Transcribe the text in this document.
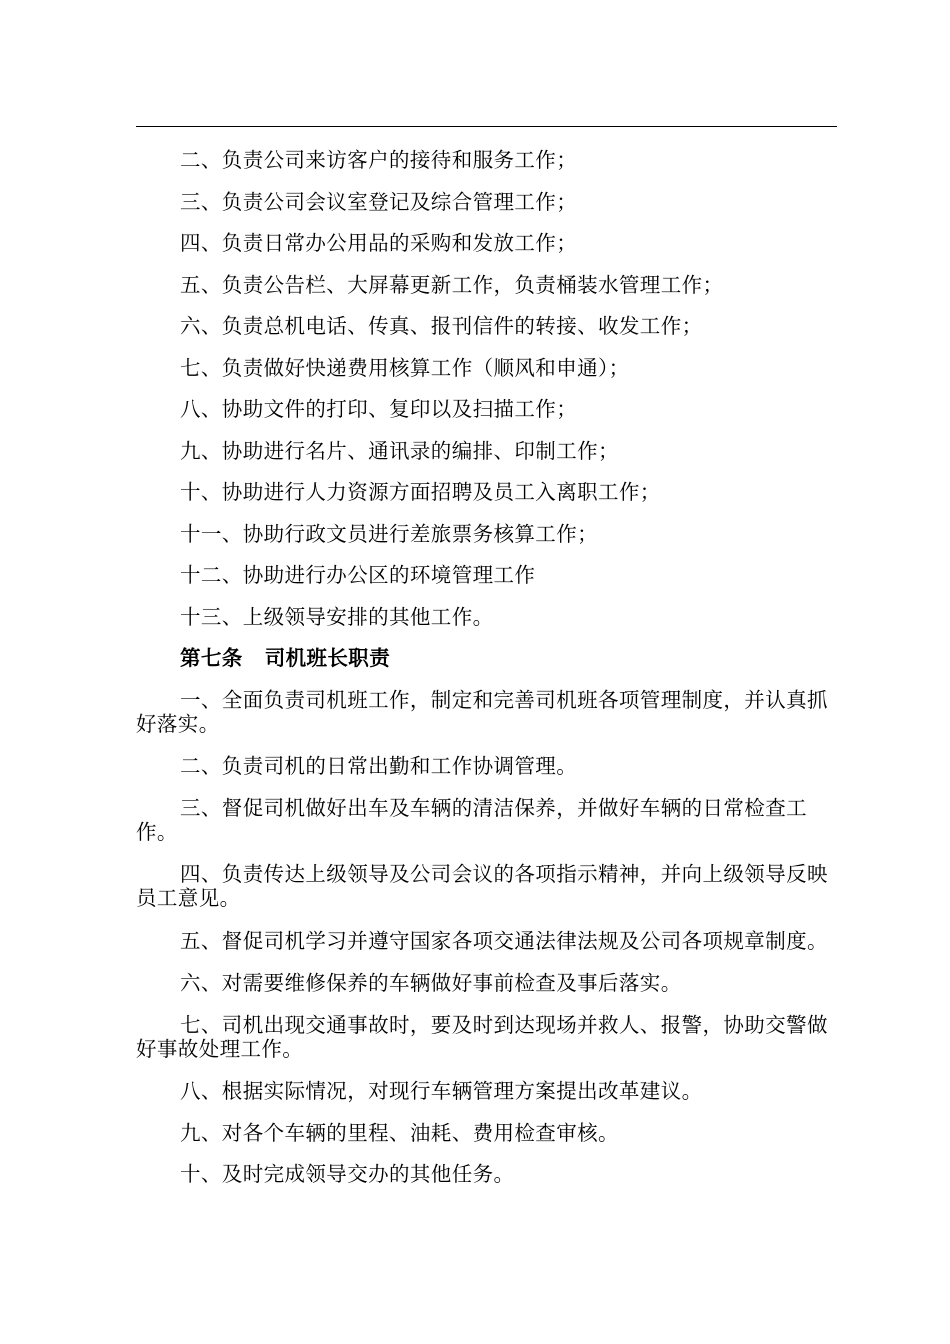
二、负责公司来访客户的接待和服务工作；
三、负责公司会议室登记及综合管理工作；
四、负责日常办公用品的采购和发放工作；
五、负责公告栏、大屏幕更新工作，负责桶装水管理工作；
六、负责总机电话、传真、报刊信件的转接、收发工作；
七、负责做好快递费用核算工作（顺风和申通）；
八、协助文件的打印、复印以及扫描工作；
九、协助进行名片、通讯录的编排、印制工作；
十、协助进行人力资源方面招聘及员工入离职工作；
十一、协助行政文员进行差旅票务核算工作；
十二、协助进行办公区的环境管理工作
十三、上级领导安排的其他工作。
第七条 司机班长职责
一、全面负责司机班工作，制定和完善司机班各项管理制度，并认真抓好落实。
二、负责司机的日常出勤和工作协调管理。
三、督促司机做好出车及车辆的清洁保养，并做好车辆的日常检查工作。
四、负责传达上级领导及公司会议的各项指示精神，并向上级领导反映员工意见。
五、督促司机学习并遵守国家各项交通法律法规及公司各项规章制度。
六、对需要维修保养的车辆做好事前检查及事后落实。
七、司机出现交通事故时，要及时到达现场并救人、报警，协助交警做好事故处理工作。
八、根据实际情况，对现行车辆管理方案提出改革建议。
九、对各个车辆的里程、油耗、费用检查审核。
十、及时完成领导交办的其他任务。
